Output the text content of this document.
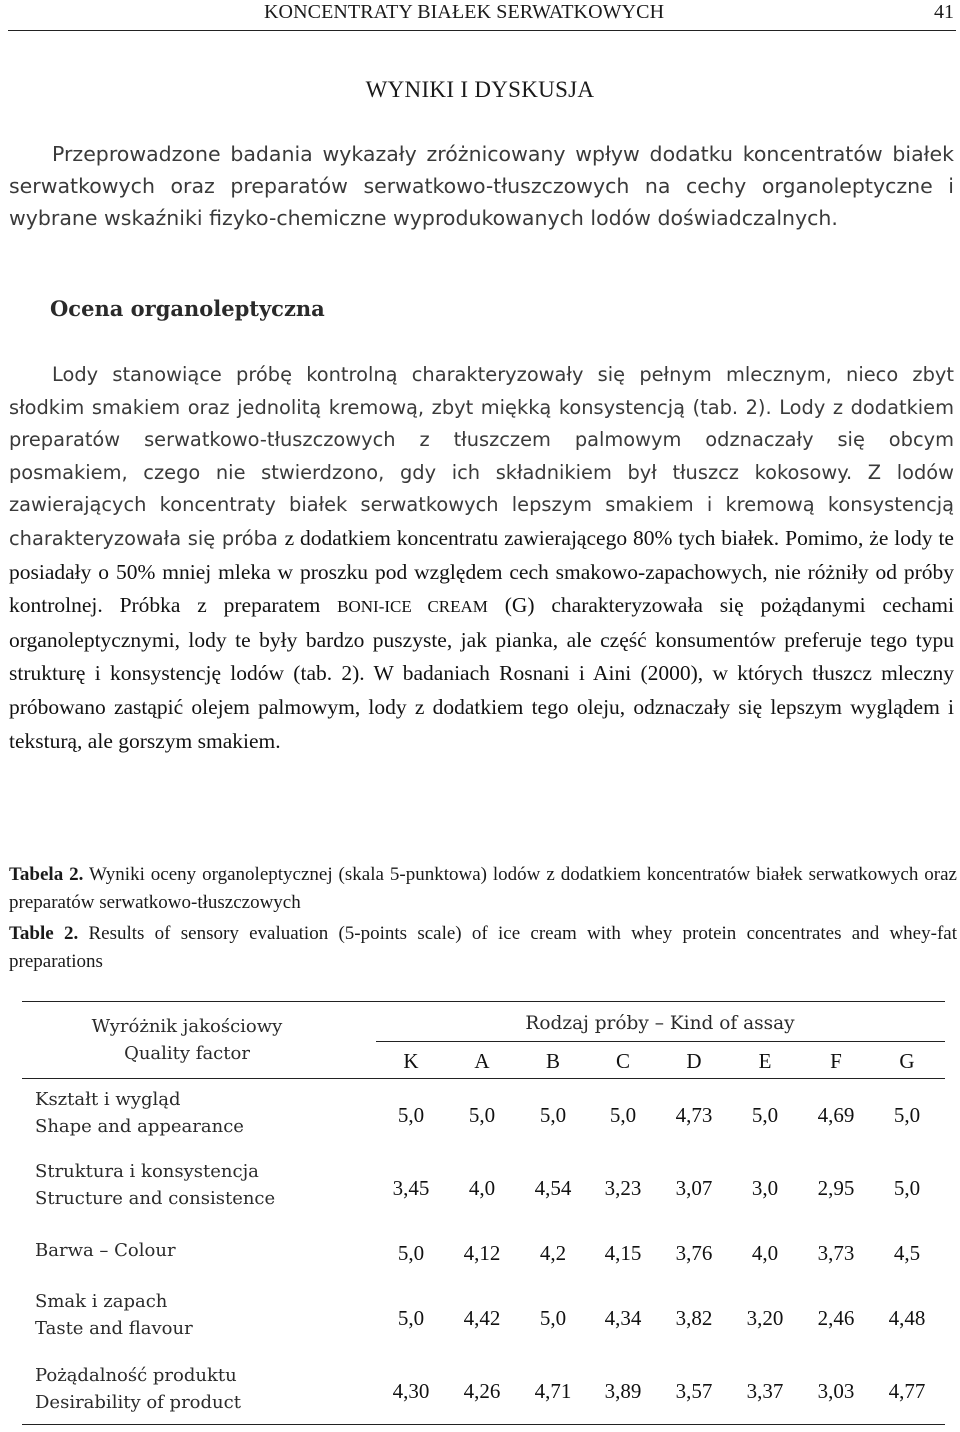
KONCENTRATY BIAŁEK SERWATKOWYCH	41
WYNIKI I DYSKUSJA

Przeprowadzone badania wykazały zróżnicowany wpływ dodatku koncentratów białek serwatkowych oraz preparatów serwatkowo-tłuszczowych na cechy organoleptyczne i wybrane wskaźniki fizyko-chemiczne wyprodukowanych lodów doświadczalnych.

Ocena organoleptyczna

Lody stanowiące próbę kontrolną charakteryzowały się pełnym mlecznym, nieco zbyt słodkim smakiem oraz jednolitą kremową, zbyt miękką konsystencją (tab. 2). Lody z dodatkiem preparatów serwatkowo-tłuszczowych z tłuszczem palmowym odznaczały się obcym posmakiem, czego nie stwierdzono, gdy ich składnikiem był tłuszcz kokosowy. Z lodów zawierających koncentraty białek serwatkowych lepszym smakiem i kremową konsystencją charakteryzowała się próba z dodatkiem koncentratu zawierającego 80% tych białek. Pomimo, że lody te posiadały o 50% mniej mleka w proszku pod względem cech smakowo-zapachowych, nie różniły od próby kontrolnej. Próbka z preparatem BONI-ICE CREAM (G) charakteryzowała się pożądanymi cechami organoleptycznymi, lody te były bardzo puszyste, jak pianka, ale część konsumentów preferuje tego typu strukturę i konsystencję lodów (tab. 2). W badaniach Rosnani i Aini (2000), w których tłuszcz mleczny próbowano zastąpić olejem palmowym, lody z dodatkiem tego oleju, odznaczały się lepszym wyglądem i teksturą, ale gorszym smakiem.

Tabela 2. Wyniki oceny organoleptycznej (skala 5-punktowa) lodów z dodatkiem koncentratów białek serwatkowych oraz preparatów serwatkowo-tłuszczowych

Table 2. Results of sensory evaluation (5-points scale) of ice cream with whey protein concentrates and whey-fat preparations

Wyróżnik jakościowy
Quality factor
Rodzaj próby – Kind of assay
K	A	B	C	D	E	F	G
Kształt i wygląd
Shape and appearance	5,0	5,0	5,0	5,0	4,73	5,0	4,69	5,0
Struktura i konsystencja
Structure and consistence	3,45	4,0	4,54	3,23	3,07	3,0	2,95	5,0
Barwa – Colour	5,0	4,12	4,2	4,15	3,76	4,0	3,73	4,5
Smak i zapach
Taste and flavour	5,0	4,42	5,0	4,34	3,82	3,20	2,46	4,48
Pożądalność produktu
Desirability of product	4,30	4,26	4,71	3,89	3,57	3,37	3,03	4,77
